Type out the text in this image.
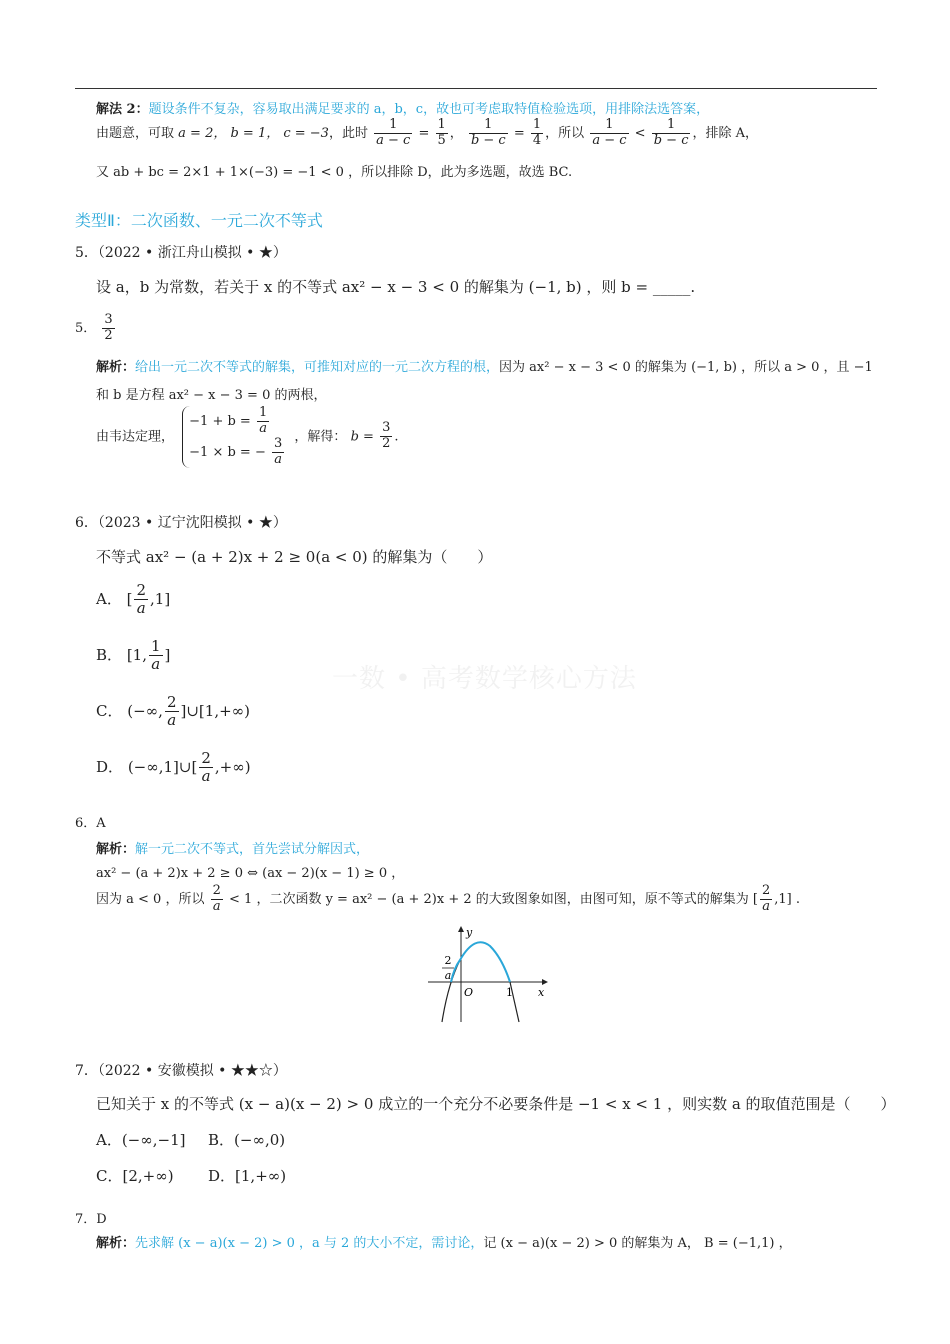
一数 • 高考数学核心方法
解法 2：题设条件不复杂，容易取出满足要求的 a，b，c，故也可考虑取特值检验选项，用排除法选答案，
由题意，可取 a = 2， b = 1， c = −3，此时 $\frac{1}{a - c} = \frac{1}{5}$ ， $\frac{1}{b - c} = \frac{1}{4}$ ，所以 $\frac{1}{a - c} < \frac{1}{b - c}$ ，排除 A，
又 ab + bc = 2×1 + 1×(−3) = −1 < 0 ，所以排除 D，此为多选题，故选 BC.
类型Ⅱ：二次函数、一元二次不等式
5．（2022 • 浙江舟山模拟 • ★）
设 a，b 为常数，若关于 x 的不等式 ax² − x − 3 < 0 的解集为 (−1, b) ，则 b = _____.
5． $\frac{3}{2}$
解析：给出一元二次不等式的解集，可推知对应的一元二次方程的根，因为 ax² − x − 3 < 0 的解集为 (−1, b) ，所以 a > 0 ，且 −1
和 b 是方程 ax² − x − 3 = 0 的两根，
由韦达定理，
$-1 + b = \frac{1}{a}$
−1 × b = − $\frac{3}{a}$ ，解得： $b = \frac{3}{2}$ .
6．（2023 • 辽宁沈阳模拟 • ★）
不等式 ax² − (a + 2)x + 2 ≥ 0(a < 0) 的解集为（　　）
A． [ $\frac{2}{a} ,1$]
B． [1, $\frac{1}{a}$ ]
C． (−∞, $\frac{2}{a}$ ]∪[1,+∞)
D． (−∞,1]∪[ $\frac{2}{a}$ ,+∞)
6．A
解析：解一元二次不等式，首先尝试分解因式，
ax² − (a + 2)x + 2 ≥ 0 ⇔ (ax − 2)(x − 1) ≥ 0 ，
因为 a < 0 ，所以 $\frac{2}{a} < 1$ ，二次函数 y = ax² − (a + 2)x + 2 的大致图象如图，由图可知，原不等式的解集为 [ $\frac{2}{a} ,1$] .
2
a
y
x
O	1
7．（2022 • 安徽模拟 • ★★☆）
已知关于 x 的不等式 (x − a)(x − 2) > 0 成立的一个充分不必要条件是 −1 < x < 1 ，则实数 a 的取值范围是（　　）
A．(−∞,−1] B．(−∞,0)
C．[2,+∞) D．[1,+∞)
7．D
解析：先求解 (x − a)(x − 2) > 0 ，a 与 2 的大小不定，需讨论，记 (x − a)(x − 2) > 0 的解集为 A， B = (−1,1) ，
